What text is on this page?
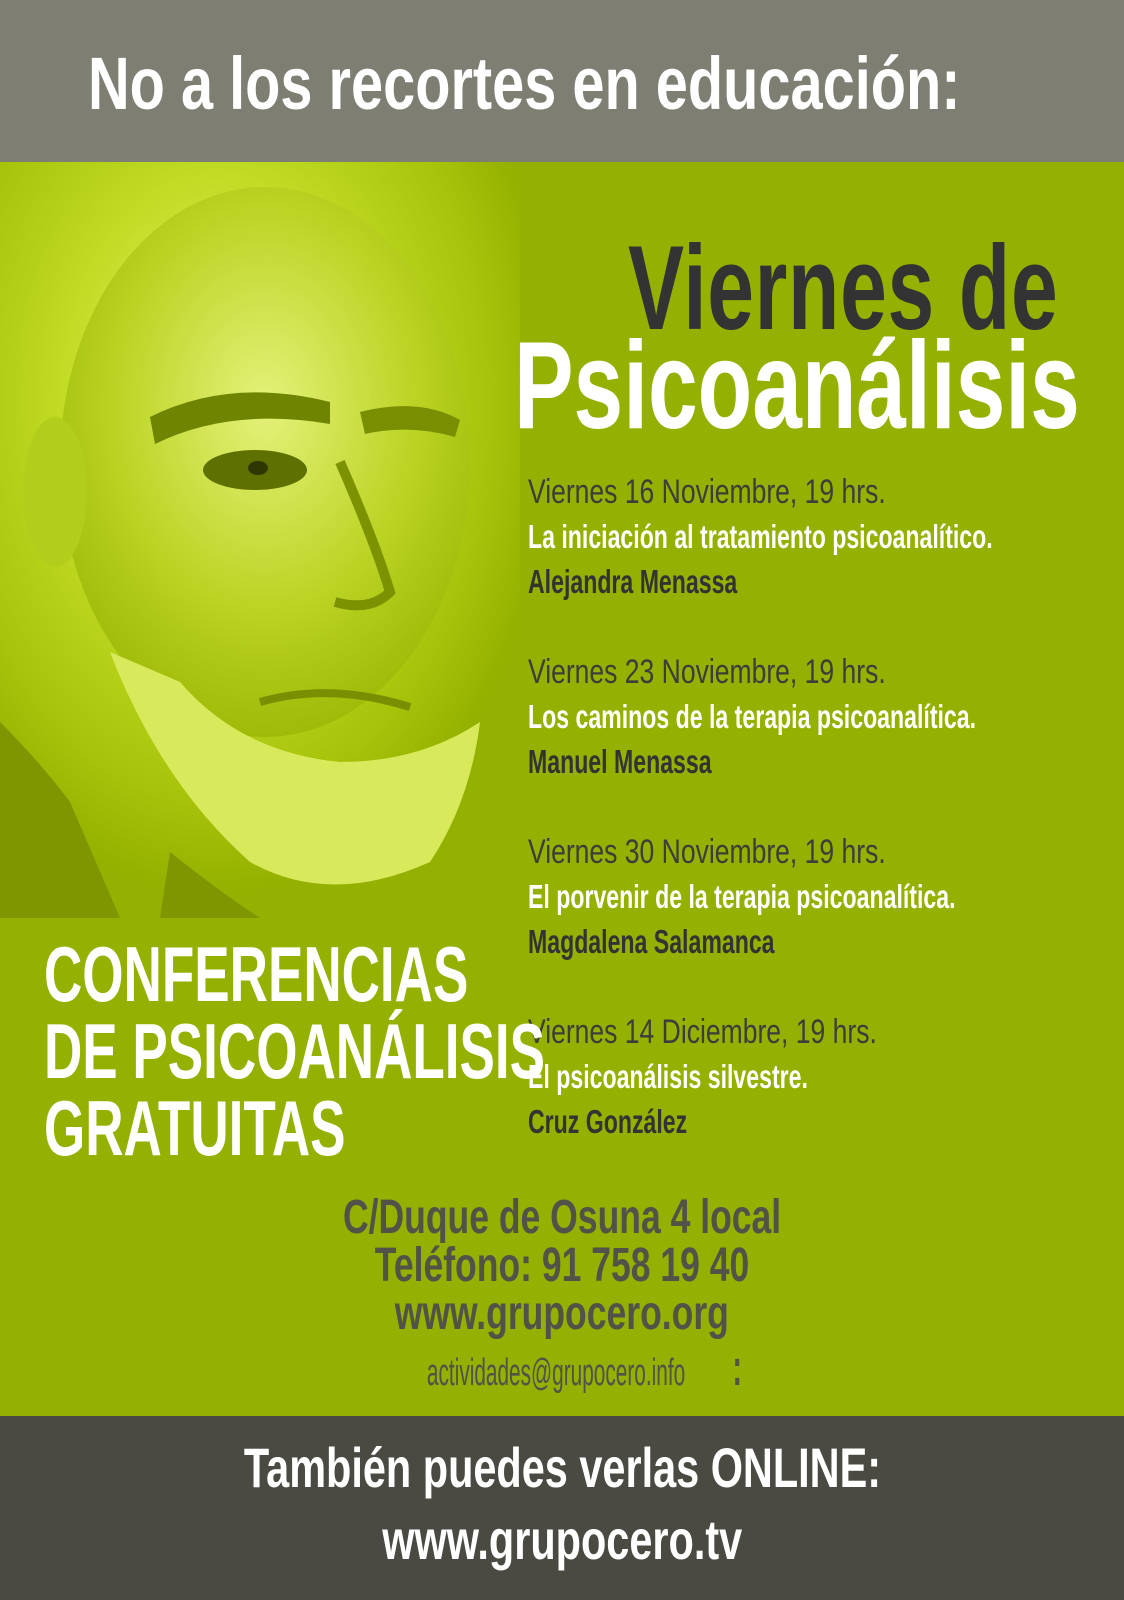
No a los recortes en educación:
Viernes de
Psicoanálisis
Viernes 16 Noviembre, 19 hrs.
La iniciación al tratamiento psicoanalítico.
Alejandra Menassa
Viernes 23 Noviembre, 19 hrs.
Los caminos de la terapia psicoanalítica.
Manuel Menassa
Viernes 30 Noviembre, 19 hrs.
El porvenir de la terapia psicoanalítica.
Magdalena Salamanca
Viernes 14 Diciembre, 19 hrs.
El psicoanálisis silvestre.
Cruz González
CONFERENCIAS
DE PSICOANÁLISIS
GRATUITAS
C/Duque de Osuna 4 local
Teléfono: 91 758 19 40
www.grupocero.org
actividades@grupocero.info :
También puedes verlas ONLINE:
www.grupocero.tv
